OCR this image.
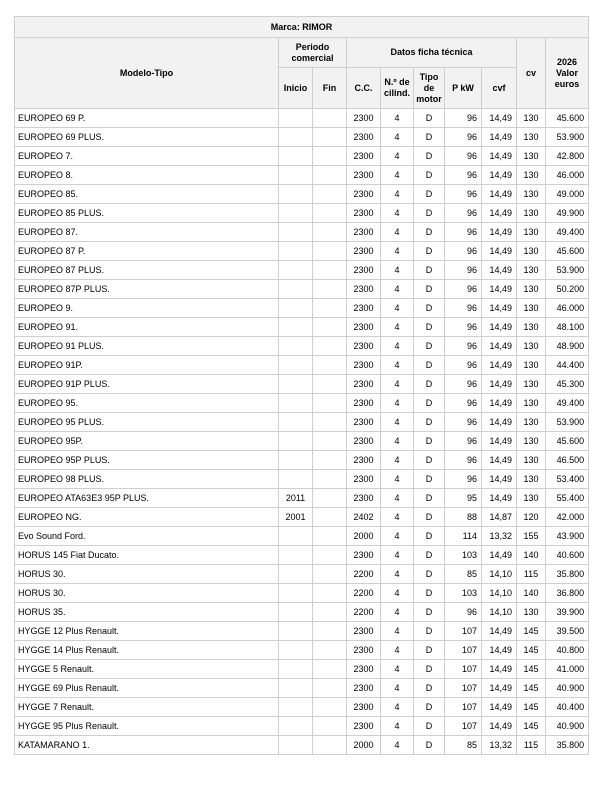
Marca: RIMOR									
Modelo-Tipo	Periodo comercial		Datos ficha técnica					cv	2026 Valor euros
	Inicio	Fin	C.C.	N.º de cilind.	Tipo de motor	P kW	cvf		
EUROPEO 69 P.			2300	4	D	96	14,49	130	45.600
EUROPEO 69 PLUS.			2300	4	D	96	14,49	130	53.900
EUROPEO 7.			2300	4	D	96	14,49	130	42.800
EUROPEO 8.			2300	4	D	96	14,49	130	46.000
EUROPEO 85.			2300	4	D	96	14,49	130	49.000
EUROPEO 85 PLUS.			2300	4	D	96	14,49	130	49.900
EUROPEO 87.			2300	4	D	96	14,49	130	49.400
EUROPEO 87 P.			2300	4	D	96	14,49	130	45.600
EUROPEO 87 PLUS.			2300	4	D	96	14,49	130	53.900
EUROPEO 87P PLUS.			2300	4	D	96	14,49	130	50.200
EUROPEO 9.			2300	4	D	96	14,49	130	46.000
EUROPEO 91.			2300	4	D	96	14,49	130	48.100
EUROPEO 91 PLUS.			2300	4	D	96	14,49	130	48.900
EUROPEO 91P.			2300	4	D	96	14,49	130	44.400
EUROPEO 91P PLUS.			2300	4	D	96	14,49	130	45.300
EUROPEO 95.			2300	4	D	96	14,49	130	49.400
EUROPEO 95 PLUS.			2300	4	D	96	14,49	130	53.900
EUROPEO 95P.			2300	4	D	96	14,49	130	45.600
EUROPEO 95P PLUS.			2300	4	D	96	14,49	130	46.500
EUROPEO 98 PLUS.			2300	4	D	96	14,49	130	53.400
EUROPEO ATA63E3 95P PLUS.	2011		2300	4	D	95	14,49	130	55.400
EUROPEO NG.	2001		2402	4	D	88	14,87	120	42.000
Evo Sound Ford.			2000	4	D	114	13,32	155	43.900
HORUS 145 Fiat Ducato.			2300	4	D	103	14,49	140	40.600
HORUS 30.			2200	4	D	85	14,10	115	35.800
HORUS 30.			2200	4	D	103	14,10	140	36.800
HORUS 35.			2200	4	D	96	14,10	130	39.900
HYGGE 12 Plus Renault.			2300	4	D	107	14,49	145	39.500
HYGGE 14 Plus Renault.			2300	4	D	107	14,49	145	40.800
HYGGE 5 Renault.			2300	4	D	107	14,49	145	41.000
HYGGE 69 Plus Renault.			2300	4	D	107	14,49	145	40.900
HYGGE 7 Renault.			2300	4	D	107	14,49	145	40.400
HYGGE 95 Plus Renault.			2300	4	D	107	14,49	145	40.900
KATAMARANO 1.			2000	4	D	85	13,32	115	35.800
